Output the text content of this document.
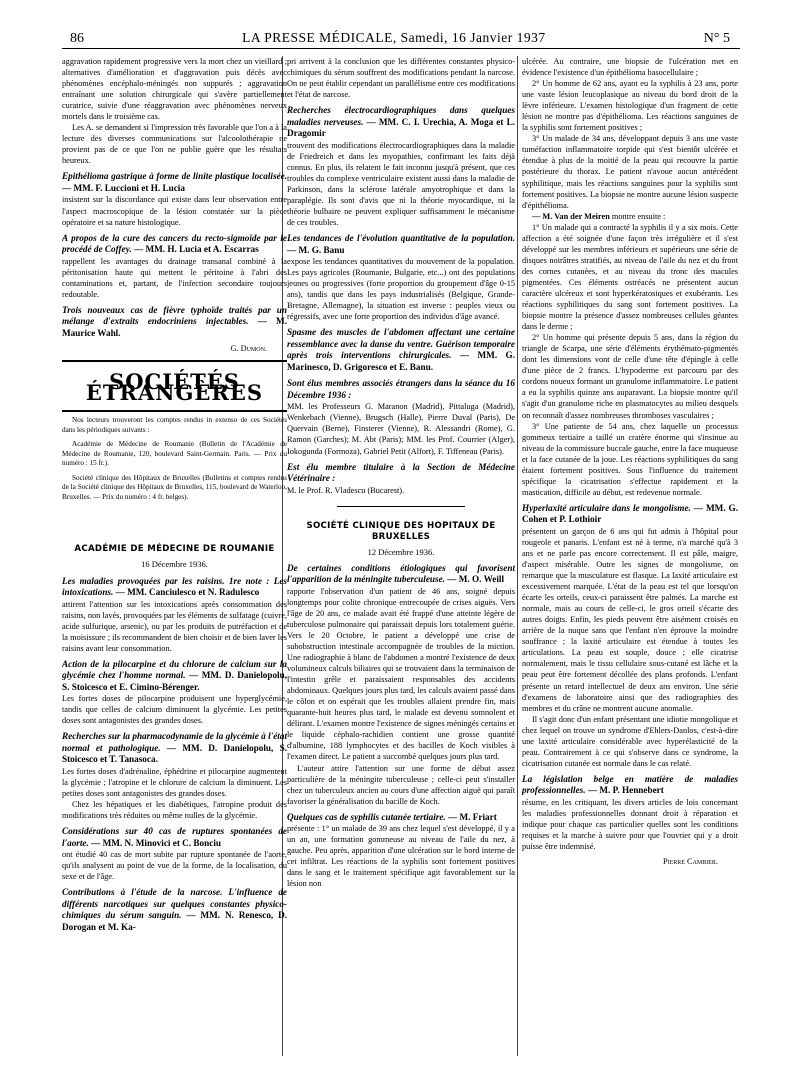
86	LA PRESSE MÉDICALE, Samedi, 16 Janvier 1937	N° 5

aggravation rapidement progressive vers la mort chez un vieillard ; alternatives d'amélioration et d'aggravation puis décès avec phénomènes encéphalo-méningés non suppurés ; aggravation entraînant une solution chirurgicale qui s'avère partiellement curatrice, suivie d'une réaggravation avec phénomènes nerveux mortels dans le troisième cas.

Les A. se demandent si l'impression très favorable que l'on a à la lecture des diverses communications sur l'alcoolothérapie ne provient pas de ce que l'on ne publie guère que les résultats heureux.

Epithélioma gastrique à forme de linite plastique localisée. — MM. F. Luccioni et H. Lucia

insistent sur la discordance qui existe dans leur observation entre l'aspect macroscopique de la lésion constatée sur la pièce opératoire et sa nature histologique.

A propos de la cure des cancers du recto-sigmoïde par le procédé de Coffey. — MM. H. Lucia et A. Escarras

rappellent les avantages du drainage transanal combiné à la péritonisation haute qui mettent le péritoine à l'abri des contaminations et, partant, de l'infection secondaire toujours redoutable.

Trois nouveaux cas de fièvre typhoïde traités par un mélange d'extraits endocriniens injectables. — M. Maurice Wahl.

G. Dumon.
SOCIÉTÉS ÉTRANGÈRES

Nos lecteurs trouveront les comptes rendus in extenso de ces Sociétés dans les périodiques suivants :

Académie de Médecine de Roumanie (Bulletin de l'Académie de Médecine de Roumanie, 120, boulevard Saint-Germain. Paris. — Prix du numéro : 15 fr.).

Société clinique des Hôpitaux de Bruxelles (Bulletins et comptes rendus de la Société clinique des Hôpitaux de Bruxelles, 115, boulevard de Waterloo, Bruxelles. — Prix du numéro : 4 fr. belges).

ACADÉMIE DE MÉDECINE DE ROUMANIE
16 Décembre 1936.

Les maladies provoquées par les raisins. 1re note : Les intoxications. — MM. Canciulesco et N. Radulesco

attirent l'attention sur les intoxications après consommation des raisins, non lavés, provoquées par les éléments de sulfatage (cuivre, acide sulfurique, arsenic), ou par les produits de putréfaction et de la moisissure ; ils recommandent de bien choisir et de bien laver les raisins avant leur consommation.

Action de la pilocarpine et du chlorure de calcium sur la glycémie chez l'homme normal. — MM. D. Danielopolu, S. Stoicesco et E. Cimino-Bérenger.

Les fortes doses de pilocarpine produisent une hyperglycémie, tandis que celles de calcium diminuent la glycémie. Les petites doses sont antagonistes des grandes doses.

Recherches sur la pharmacodynamie de la glycémie à l'état normal et pathologique. — MM. D. Danielopolu, S. Stoicesco et T. Tanasoca.

Les fortes doses d'adrénaline, éphédrine et pilocarpine augmentent la glycémie ; l'atropine et le chlorure de calcium la diminuent. Les petites doses sont antagonistes des grandes doses.

Chez les hépatiques et les diabétiques, l'atropine produit des modifications très réduites ou même nulles de la glycémie.

Considérations sur 40 cas de ruptures spontanées de l'aorte. — MM. N. Minovici et C. Bonciu

ont étudié 40 cas de mort subite par rupture spontanée de l'aorte, qu'ils analysent au point de vue de la forme, de la localisation, du sexe et de l'âge.

Contributions à l'étude de la narcose. L'influence de différents narcotiques sur quelques constantes physico-chimiques du sérum sanguin. — MM. N. Renesco, D. Dorogan et M. Ka-

pri arrivent à la conclusion que les différentes constantes physico-chimiques du sérum souffrent des modifications pendant la narcose. On ne peut établir cependant un parallélisme entre ces modifications et l'état de narcose.

Recherches électrocardiographiques dans quelques maladies nerveuses. — MM. C. I. Urechia, A. Moga et L. Dragomir

trouvent des modifications électrocardiographiques dans la maladie de Friedreich et dans les myopathies, confirmant les faits déjà connus. En plus, ils relatent le fait inconnu jusqu'à présent, que ces troubles du complexe ventriculaire existent aussi dans la maladie de Parkinson, dans la sclérose latérale amyotrophique et dans la paraplégie. Ils sont d'avis que ni la théorie myocardique, ni la théorie bulbaire ne peuvent expliquer suffisamment le mécanisme de ces troubles.

Les tendances de l'évolution quantitative de la population. — M. G. Banu

expose les tendances quantitatives du mouvement de la population. Les pays agricoles (Roumanie, Bulgarie, etc...) ont des populations jeunes ou progressives (forte proportion du groupement d'âge 0-15 ans), tandis que dans les pays industrialisés (Belgique, Grande-Bretagne, Allemagne), la situation est inverse : peuples vieux ou régressifs, avec une forte proportion des individus d'âge avancé.

Spasme des muscles de l'abdomen affectant une certaine ressemblance avec la danse du ventre. Guérison temporaire après trois interventions chirurgicales. — MM. G. Marinesco, D. Grigoresco et E. Banu.

Sont élus membres associés étrangers dans la séance du 16 Décembre 1936 :

MM. les Professeurs G. Maranon (Madrid), Pittaluga (Madrid), Wenkebach (Vienne), Brugsch (Halle), Pierre Duval (Paris), De Quervain (Berne), Finsterer (Vienne), R. Alessandri (Rome), G. Ramon (Garches); M. Abt (Paris); MM. les Prof. Courrier (Alger), Iokogunda (Formoza), Gabriel Petit (Alfort), F. Tiffeneau (Paris).

Est élu membre titulaire à la Section de Médecine Vétérinaire :

M. le Prof. R. Vladescu (Bucarest).

SOCIÉTÉ CLINIQUE DES HOPITAUX DE BRUXELLES
12 Décembre 1936.

De certaines conditions étiologiques qui favorisent l'apparition de la méningite tuberculeuse. — M. O. Weill

rapporte l'observation d'un patient de 46 ans, soigné depuis longtemps pour colite chronique entrecoupée de crises aiguës. Vers l'âge de 20 ans, ce malade avait été frappé d'une atteinte légère de tuberculose pulmonaire qui paraissait depuis lors totalement guérie. Vers le 20 Octobre, le patient a développé une crise de subobstruction intestinale accompagnée de troubles de la miction. Une radiographie à blanc de l'abdomen a montré l'existence de deux volumineux calculs biliaires qui se trouvaient dans la terminaison de l'intestin grêle et paraissaient responsables des accidents abdominaux. Quelques jours plus tard, les calculs avaient passé dans le côlon et on espérait que les troubles allaient prendre fin, mais quarante-huit heures plus tard, le malade est devenu somnolent et délirant. L'examen montre l'existence de signes méningés certains et le liquide céphalo-rachidien contient une grosse quantité d'albumine, 188 lymphocytes et des bacilles de Koch visibles à l'examen direct. Le patient a succombé quelques jours plus tard.

L'auteur attire l'attention sur une forme de début assez particulière de la méningite tuberculeuse ; celle-ci peut s'installer chez un tuberculeux ancien au cours d'une affection aiguë qui paraît favoriser la généralisation du bacille de Koch.

Quelques cas de syphilis cutanée tertiaire. — M. Friart

présente : 1° un malade de 39 ans chez lequel s'est développé, il y a un an, une formation gommeuse au niveau de l'aile du nez, à gauche. Peu après, apparition d'une ulcération sur le bord interne de cet infiltrat. Les réactions de la syphilis sont fortement positives dans le sang et le traitement spécifique agit favorablement sur la lésion non

ulcérée. Au contraire, une biopsie de l'ulcération met en évidence l'existence d'un épithélioma basocellulaire ;

2° Un homme de 62 ans, ayant eu la syphilis à 23 ans, porte une vaste lésion leucoplasique au niveau du bord droit de la lèvre inférieure. L'examen histologique d'un fragment de cette lésion ne montre pas d'épithélioma. Les réactions sanguines de la syphilis sont fortement positives ;

3° Un malade de 34 ans, développant depuis 3 ans une vaste tuméfaction inflammatoire torpide qui s'est bientôt ulcérée et étendue à plus de la moitié de la peau qui recouvre la partie postérieure du thorax. Le patient n'avoue aucun antécédent syphilitique, mais les réactions sanguines pour la syphilis sont fortement positives. La biopsie ne montre aucune lésion suspecte d'épithélioma.

— M. Van der Meiren montre ensuite :

1° Un malade qui a contracté la syphilis il y a six mois. Cette affection a été soignée d'une façon très irrégulière et il s'est développé sur les membres inférieurs et supérieurs une série de disques noirâtres stratifiés, au niveau de l'aile du nez et du front des cornes cutanées, et au niveau du tronc des macules pigmentées. Ces éléments ostréacés ne présentent aucun caractère ulcéreux et sont hyperkératosiques et exubérants. Les réactions syphilitiques du sang sont fortement positives. La biopsie montre la présence d'assez nombreuses cellules géantes dans le derme ;

2° Un homme qui présente depuis 5 ans, dans la région du triangle de Scarpa, une série d'éléments érythémato-pigmentés dont les dimensions vont de celle d'une tête d'épingle à celle d'une pièce de 2 francs. L'hypoderme est parcouru par des cordons noueux formant un granulome inflammatoire. Le patient a eu la syphilis quinze ans auparavant. La biopsie montre qu'il s'agit d'un granulome riche en plasmatocytes au milieu desquels on reconnaît d'assez nombreuses thromboses vasculaires ;

3° Une patiente de 54 ans, chez laquelle un processus gommeux tertiaire a taillé un cratère énorme qui s'insinue au niveau de la commissure buccale gauche, entre la face muqueuse et la face cutanée de la joue. Les réactions syphilitiques du sang étaient fortement positives. Sous l'influence du traitement spécifique la cicatrisation s'effectue rapidement et la mastication, difficile au début, est redevenue normale.

Hyperlaxité articulaire dans le mongolisme. — MM. G. Cohen et P. Lothioir

présentent un garçon de 6 ans qui fut admis à l'hôpital pour rougeole et panaris. L'enfant est né à terme, n'a marché qu'à 3 ans et ne parle pas encore correctement. Il est pâle, maigre, d'aspect misérable. Outre les signes de mongolisme, on remarque que la musculature est flasque. La laxité articulaire est excessivement marquée. L'état de la peau est tel que lorsqu'on écarte les orteils, ceux-ci paraissent être palmés. La marche est normale, mais au cours de celle-ci, le gros orteil s'écarte des autres doigts. Enfin, les pieds peuvent être aisément croisés en arrière de la nuque sans que l'enfant n'en éprouve la moindre souffrance ; la laxité articulaire est étendue à toutes les articulations. La peau est souple, douce ; elle cicatrise normalement, mais le tissu cellulaire sous-cutané est lâche et la peau peut être fortement décollée des plans profonds. L'enfant présente un retard intellectuel de deux ans environ. Une série d'examens de laboratoire ainsi que des radiographies des membres et du crâne ne montrent aucune anomalie.

Il s'agit donc d'un enfant présentant une idiotie mongolique et chez lequel on trouve un syndrome d'Ehlers-Danlos, c'est-à-dire une laxité articulaire considérable avec hyperélasticité de la peau. Contrairement à ce qui s'observe dans ce syndrome, la cicatrisation cutanée est normale dans le cas relaté.

La législation belge en matière de maladies professionnelles. — M. P. Hennebert

résume, en les critiquant, les divers articles de lois concernant les maladies professionnelles donnant droit à réparation et indique pour chaque cas particulier quelles sont les conditions requises et la marche à suivre pour que l'ouvrier qui y a droit puisse être indemnisé.

Pierre Cambier.
